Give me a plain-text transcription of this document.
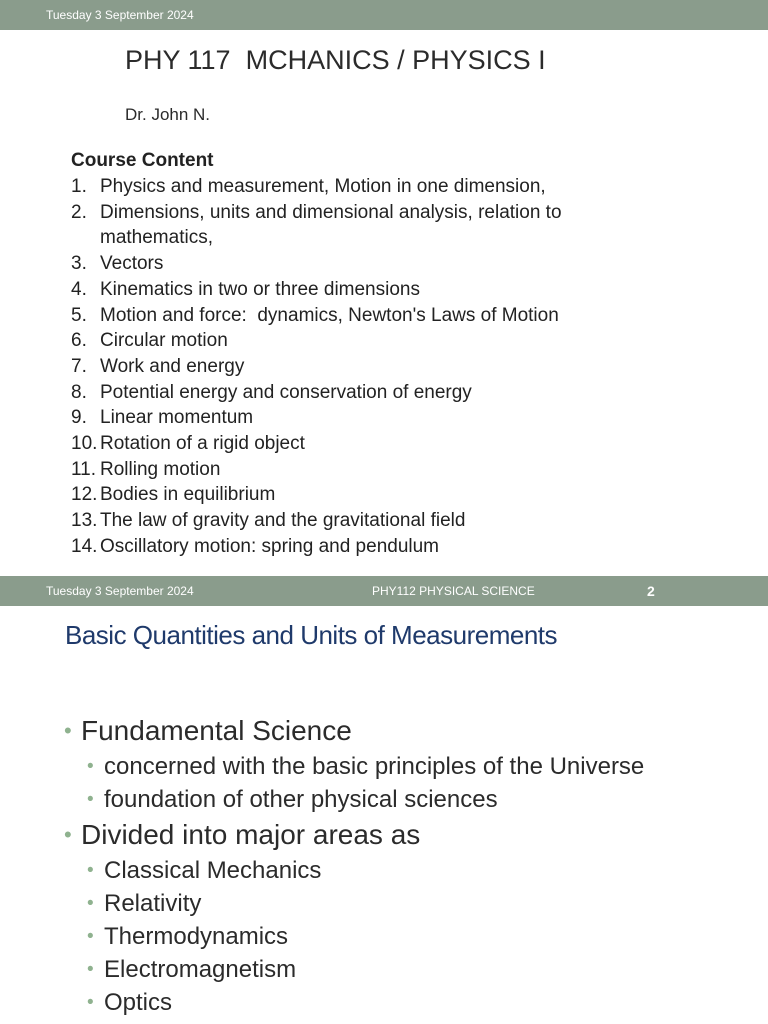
Tuesday 3 September 2024
PHY 117  MCHANICS / PHYSICS I

Dr. John N.

Course Content

1. Physics and measurement, Motion in one dimension,
2. Dimensions, units and dimensional analysis, relation to mathematics,
3. Vectors
4. Kinematics in two or three dimensions
5. Motion and force:  dynamics, Newton's Laws of Motion
6. Circular motion
7. Work and energy
8. Potential energy and conservation of energy
9. Linear momentum
10. Rotation of a rigid object
11. Rolling motion
12. Bodies in equilibrium
13. The law of gravity and the gravitational field
14. Oscillatory motion: spring and pendulum
Tuesday 3 September 2024	PHY112 PHYSICAL SCIENCE	2
Basic Quantities and Units of Measurements
• Fundamental Science
• concerned with the basic principles of the Universe
• foundation of other physical sciences
• Divided into major areas as
• Classical Mechanics
• Relativity
• Thermodynamics
• Electromagnetism
• Optics
